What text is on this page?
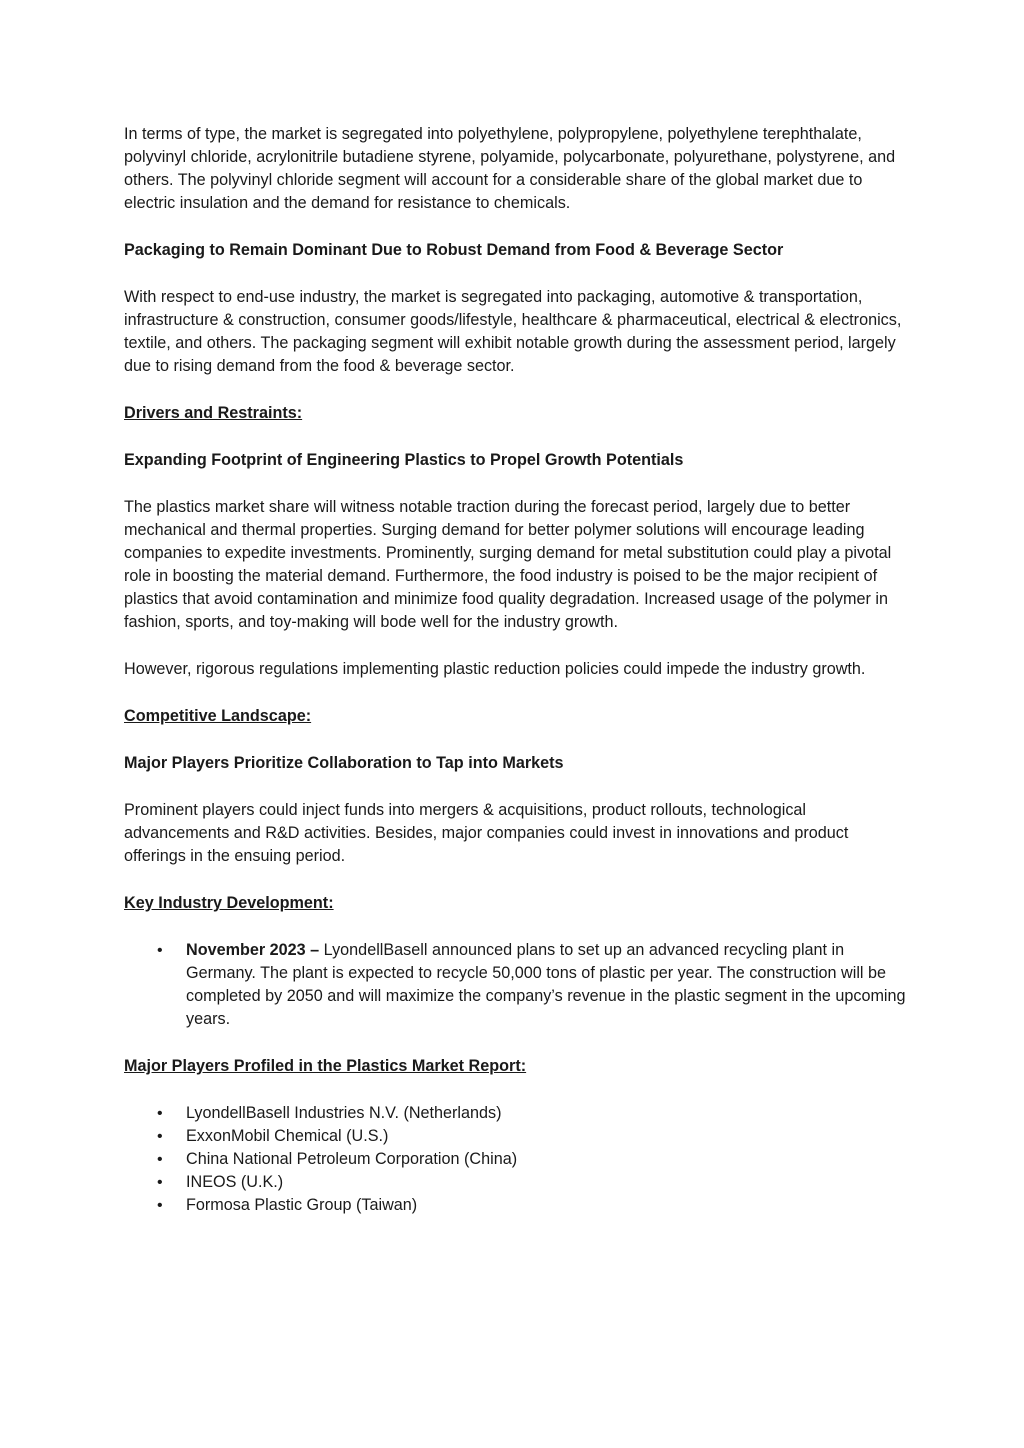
In terms of type, the market is segregated into polyethylene, polypropylene, polyethylene terephthalate, polyvinyl chloride, acrylonitrile butadiene styrene, polyamide, polycarbonate, polyurethane, polystyrene, and others. The polyvinyl chloride segment will account for a considerable share of the global market due to electric insulation and the demand for resistance to chemicals.

Packaging to Remain Dominant Due to Robust Demand from Food & Beverage Sector

With respect to end-use industry, the market is segregated into packaging, automotive & transportation, infrastructure & construction, consumer goods/lifestyle, healthcare & pharmaceutical, electrical & electronics, textile, and others. The packaging segment will exhibit notable growth during the assessment period, largely due to rising demand from the food & beverage sector.

Drivers and Restraints:

Expanding Footprint of Engineering Plastics to Propel Growth Potentials

The plastics market share will witness notable traction during the forecast period, largely due to better mechanical and thermal properties. Surging demand for better polymer solutions will encourage leading companies to expedite investments. Prominently, surging demand for metal substitution could play a pivotal role in boosting the material demand. Furthermore, the food industry is poised to be the major recipient of plastics that avoid contamination and minimize food quality degradation. Increased usage of the polymer in fashion, sports, and toy-making will bode well for the industry growth.

However, rigorous regulations implementing plastic reduction policies could impede the industry growth.

Competitive Landscape:

Major Players Prioritize Collaboration to Tap into Markets

Prominent players could inject funds into mergers & acquisitions, product rollouts, technological advancements and R&D activities. Besides, major companies could invest in innovations and product offerings in the ensuing period.

Key Industry Development:

• November 2023 – LyondellBasell announced plans to set up an advanced recycling plant in Germany. The plant is expected to recycle 50,000 tons of plastic per year. The construction will be completed by 2050 and will maximize the company’s revenue in the plastic segment in the upcoming years.

Major Players Profiled in the Plastics Market Report:

• LyondellBasell Industries N.V. (Netherlands)
• ExxonMobil Chemical (U.S.)
• China National Petroleum Corporation (China)
• INEOS (U.K.)
• Formosa Plastic Group (Taiwan)
